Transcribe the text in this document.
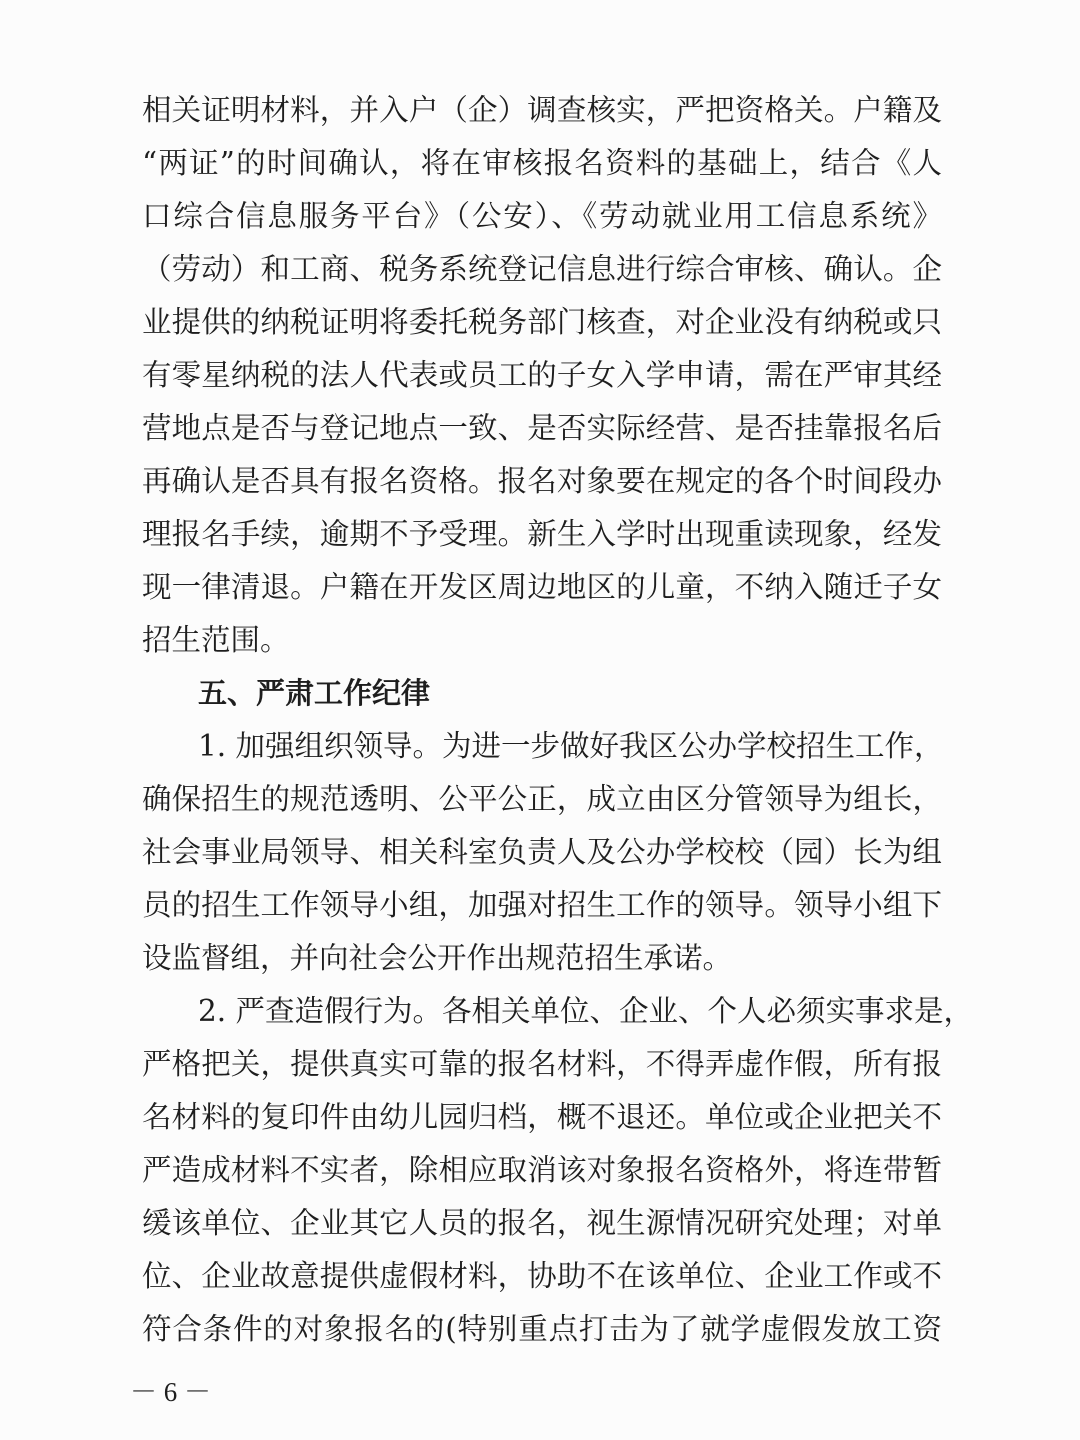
相关证明材料，并入户（企）调查核实，严把资格关。户籍及
“两证”的时间确认，将在审核报名资料的基础上，结合《人
口综合信息服务平台》（公安）、《劳动就业用工信息系统》
（劳动）和工商、税务系统登记信息进行综合审核、确认。企
业提供的纳税证明将委托税务部门核查，对企业没有纳税或只
有零星纳税的法人代表或员工的子女入学申请，需在严审其经
营地点是否与登记地点一致、是否实际经营、是否挂靠报名后
再确认是否具有报名资格。报名对象要在规定的各个时间段办
理报名手续，逾期不予受理。新生入学时出现重读现象，经发
现一律清退。户籍在开发区周边地区的儿童，不纳入随迁子女
招生范围。
五、严肃工作纪律
1. 加强组织领导。为进一步做好我区公办学校招生工作，
确保招生的规范透明、公平公正，成立由区分管领导为组长，
社会事业局领导、相关科室负责人及公办学校校（园）长为组
员的招生工作领导小组，加强对招生工作的领导。领导小组下
设监督组，并向社会公开作出规范招生承诺。
2. 严查造假行为。各相关单位、企业、个人必须实事求是，
严格把关，提供真实可靠的报名材料，不得弄虚作假，所有报
名材料的复印件由幼儿园归档，概不退还。单位或企业把关不
严造成材料不实者，除相应取消该对象报名资格外，将连带暂
缓该单位、企业其它人员的报名，视生源情况研究处理；对单
位、企业故意提供虚假材料，协助不在该单位、企业工作或不
符合条件的对象报名的(特别重点打击为了就学虚假发放工资
－ 6 －
